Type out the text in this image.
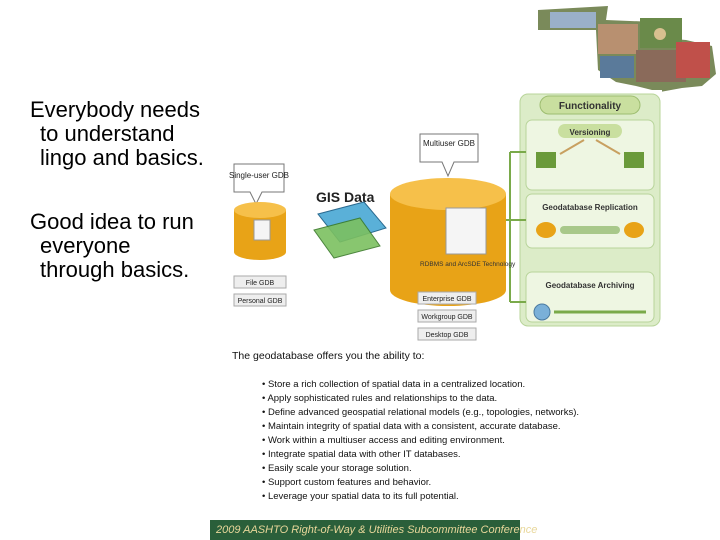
Everybody needs to understand lingo and basics.
Good idea to run everyone through basics.
Functionality
Versioning
Geodatabase Replication
Geodatabase Archiving
Multiuser GDB
Single-user GDB
RDBMS and ArcSDE Technology
GIS Data
File GDB
Personal GDB	Enterprise GDB
Workgroup GDB
Desktop GDB
The geodatabase offers you the ability to:
• Store a rich collection of spatial data in a centralized location.
• Apply sophisticated rules and relationships to the data.
• Define advanced geospatial relational models (e.g., topologies, networks).
• Maintain integrity of spatial data with a consistent, accurate database.
• Work within a multiuser access and editing environment.
• Integrate spatial data with other IT databases.
• Easily scale your storage solution.
• Support custom features and behavior.
• Leverage your spatial data to its full potential.
2009 AASHTO Right-of-Way & Utilities Subcommittee Conference
